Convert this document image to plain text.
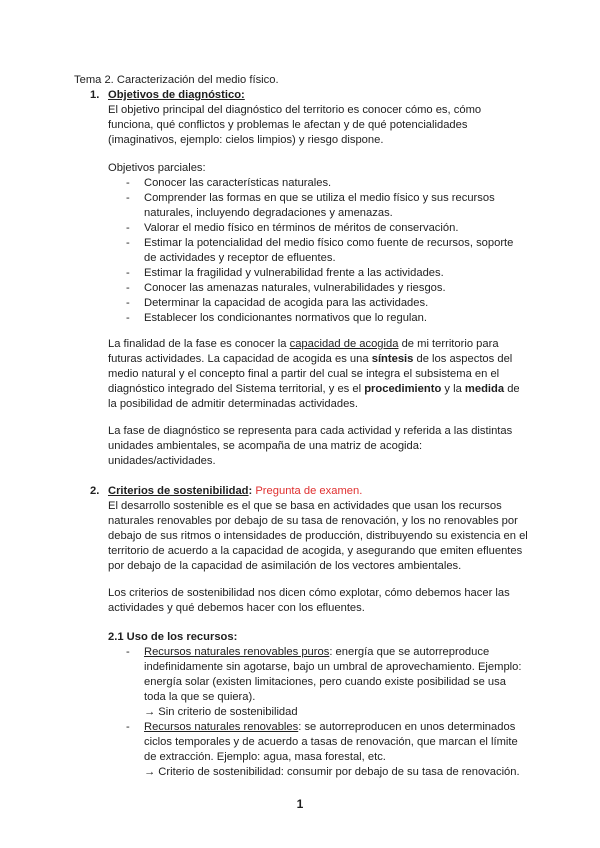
Tema 2. Caracterización del medio físico.
1. Objetivos de diagnóstico:
El objetivo principal del diagnóstico del territorio es conocer cómo es, cómo funciona, qué conflictos y problemas le afectan y de qué potencialidades (imaginativos, ejemplo: cielos limpios) y riesgo dispone.
Objetivos parciales:
- Conocer las características naturales.
- Comprender las formas en que se utiliza el medio físico y sus recursos naturales, incluyendo degradaciones y amenazas.
- Valorar el medio físico en términos de méritos de conservación.
- Estimar la potencialidad del medio físico como fuente de recursos, soporte de actividades y receptor de efluentes.
- Estimar la fragilidad y vulnerabilidad frente a las actividades.
- Conocer las amenazas naturales, vulnerabilidades y riesgos.
- Determinar la capacidad de acogida para las actividades.
- Establecer los condicionantes normativos que lo regulan.
La finalidad de la fase es conocer la capacidad de acogida de mi territorio para futuras actividades. La capacidad de acogida es una síntesis de los aspectos del medio natural y el concepto final a partir del cual se integra el subsistema en el diagnóstico integrado del Sistema territorial, y es el procedimiento y la medida de la posibilidad de admitir determinadas actividades.
La fase de diagnóstico se representa para cada actividad y referida a las distintas unidades ambientales, se acompaña de una matriz de acogida: unidades/actividades.
2. Criterios de sostenibilidad: Pregunta de examen.
El desarrollo sostenible es el que se basa en actividades que usan los recursos naturales renovables por debajo de su tasa de renovación, y los no renovables por debajo de sus ritmos o intensidades de producción, distribuyendo su existencia en el territorio de acuerdo a la capacidad de acogida, y asegurando que emiten efluentes por debajo de la capacidad de asimilación de los vectores ambientales.
Los criterios de sostenibilidad nos dicen cómo explotar, cómo debemos hacer las actividades y qué debemos hacer con los efluentes.
2.1 Uso de los recursos:
- Recursos naturales renovables puros: energía que se autorreproduce indefinidamente sin agotarse, bajo un umbral de aprovechamiento. Ejemplo: energía solar (existen limitaciones, pero cuando existe posibilidad se usa toda la que se quiera).
→ Sin criterio de sostenibilidad
- Recursos naturales renovables: se autorreproducen en unos determinados ciclos temporales y de acuerdo a tasas de renovación, que marcan el límite de extracción. Ejemplo: agua, masa forestal, etc.
→ Criterio de sostenibilidad: consumir por debajo de su tasa de renovación.
1
